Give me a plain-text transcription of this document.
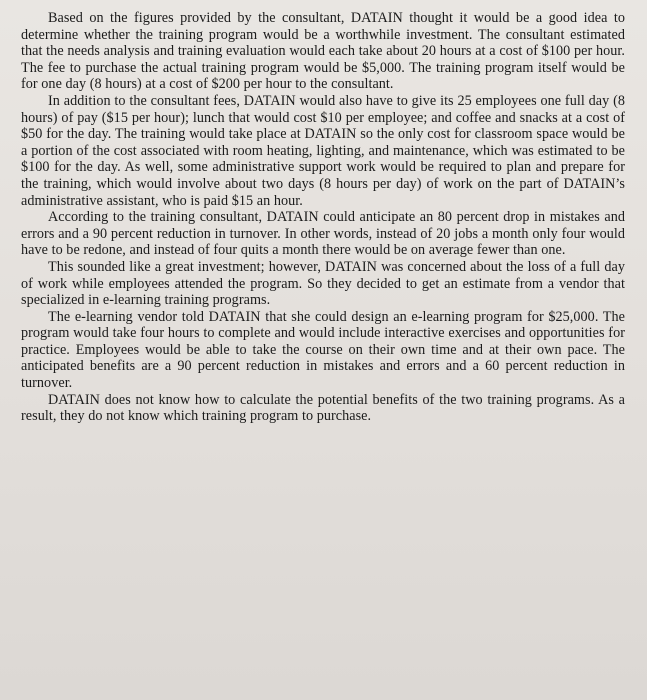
Based on the figures provided by the consultant, DATAIN thought it would be a good idea to determine whether the training program would be a worthwhile investment. The consultant estimated that the needs analysis and training evaluation would each take about 20 hours at a cost of $100 per hour. The fee to purchase the actual training program would be $5,000. The training program itself would be for one day (8 hours) at a cost of $200 per hour to the consultant.

In addition to the consultant fees, DATAIN would also have to give its 25 employees one full day (8 hours) of pay ($15 per hour); lunch that would cost $10 per employee; and coffee and snacks at a cost of $50 for the day. The training would take place at DATAIN so the only cost for classroom space would be a portion of the cost associated with room heating, lighting, and maintenance, which was estimated to be $100 for the day. As well, some administrative support work would be required to plan and prepare for the training, which would involve about two days (8 hours per day) of work on the part of DATAIN’s administrative assistant, who is paid $15 an hour.

According to the training consultant, DATAIN could anticipate an 80 percent drop in mistakes and errors and a 90 percent reduction in turnover. In other words, instead of 20 jobs a month only four would have to be redone, and instead of four quits a month there would be on average fewer than one.

This sounded like a great investment; however, DATAIN was concerned about the loss of a full day of work while employees attended the program. So they decided to get an estimate from a vendor that specialized in e-learning training programs.

The e-learning vendor told DATAIN that she could design an e-learning program for $25,000. The program would take four hours to complete and would include interactive exercises and opportunities for practice. Employees would be able to take the course on their own time and at their own pace. The anticipated benefits are a 90 percent reduction in mistakes and errors and a 60 percent reduction in turnover.

DATAIN does not know how to calculate the potential benefits of the two training programs. As a result, they do not know which training program to purchase.
